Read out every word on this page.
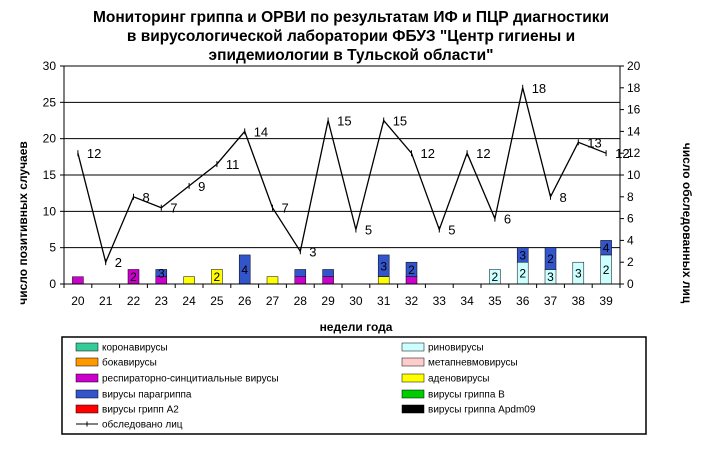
Мониторинг гриппа и ОРВИ по результатам ИФ и ПЦР диагностики
в вирусологической лаборатории ФБУЗ "Центр гигиены и
эпидемиологии в Тульской области"
2 3	2
4	3 2
2
3
2
2
3 3
4
2
12
2
8
7
9
11
14
7
3
15
5
15
12
5
12
6
18
8
13
12
0
5
10
15
20
25
30
0
2
4
6
8
10
12
14
16
18
20
20 21 22 23 24 25 26 27 28 29 30 31 32 33 34 35 36 37 38 39
недели года
число позитивных случаев	число обследованных лиц
коронавирусы	риновирусы
бокавирусы	метапневмовирусы
респираторно-синцитиальные вирусы	аденовирусы
вирусы парагриппа	вирусы гриппа В
вирусы грипп А2	вирусы гриппа Apdm09
обследовано лиц
